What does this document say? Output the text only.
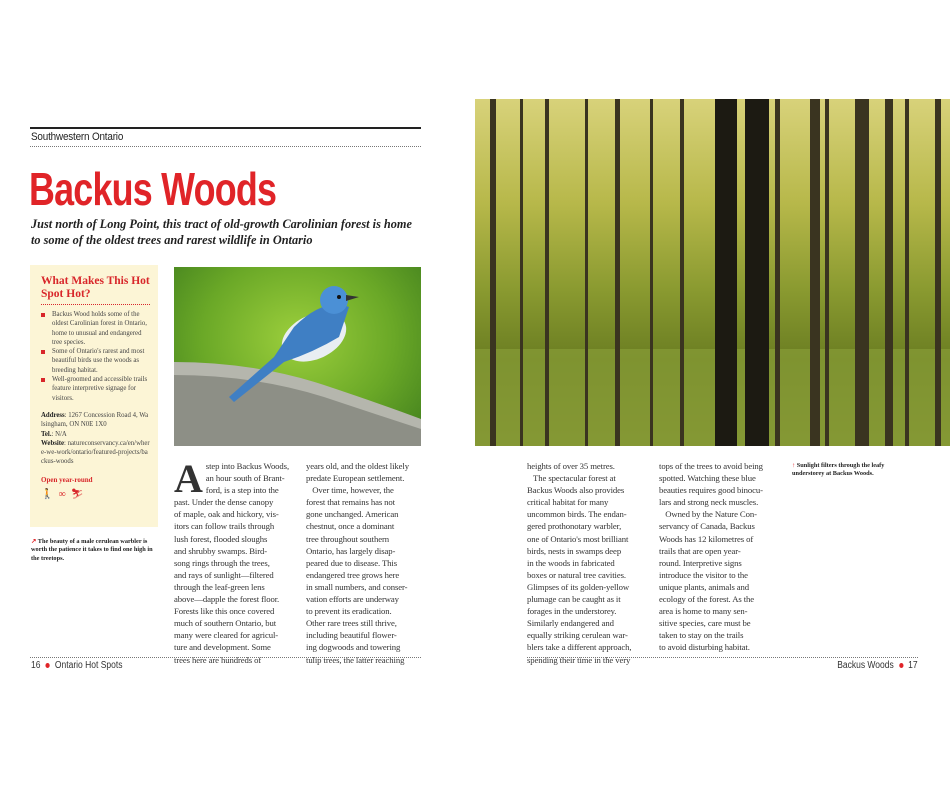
Southwestern Ontario
Backus Woods
Just north of Long Point, this tract of old-growth Carolinian forest is home to some of the oldest trees and rarest wildlife in Ontario
What Makes This Hot Spot Hot?
Backus Wood holds some of the oldest Carolinian forest in Ontario, home to unusual and endangered tree species.
Some of Ontario's rarest and most beautiful birds use the woods as breeding habitat.
Well-groomed and accessible trails feature interpretive signage for visitors.
Address: 1267 Concession Road 4, Walsingham, ON N0E 1X0
Tel.: N/A
Website: natureconservancy.ca/en/where-we-work/ontario/featured-projects/backus-woods
Open year-round
🚶 ∞ ⛷
↗ The beauty of a male cerulean warbler is worth the patience it takes to find one high in the treetops.
A step into Backus Woods,
an hour south of Brant-
ford, is a step into the
past. Under the dense canopy
of maple, oak and hickory, vis-
itors can follow trails through
lush forest, flooded sloughs
and shrubby swamps. Bird-
song rings through the trees,
and rays of sunlight—filtered
through the leaf-green lens
above—dapple the forest floor.
Forests like this once covered
much of southern Ontario, but
many were cleared for agricul-
ture and development. Some
trees here are hundreds of
years old, and the oldest likely
predate European settlement.
Over time, however, the
forest that remains has not
gone unchanged. American
chestnut, once a dominant
tree throughout southern
Ontario, has largely disap-
peared due to disease. This
endangered tree grows here
in small numbers, and conser-
vation efforts are underway
to prevent its eradication.
Other rare trees still thrive,
including beautiful flower-
ing dogwoods and towering
tulip trees, the latter reaching
16 Ontario Hot Spots
heights of over 35 metres.
The spectacular forest at
Backus Woods also provides
critical habitat for many
uncommon birds. The endan-
gered prothonotary warbler,
one of Ontario's most brilliant
birds, nests in swamps deep
in the woods in fabricated
boxes or natural tree cavities.
Glimpses of its golden-yellow
plumage can be caught as it
forages in the understorey.
Similarly endangered and
equally striking cerulean war-
blers take a different approach,
spending their time in the very
tops of the trees to avoid being
spotted. Watching these blue
beauties requires good binocu-
lars and strong neck muscles.
Owned by the Nature Con-
servancy of Canada, Backus
Woods has 12 kilometres of
trails that are open year-
round. Interpretive signs
introduce the visitor to the
unique plants, animals and
ecology of the forest. As the
area is home to many sen-
sitive species, care must be
taken to stay on the trails
to avoid disturbing habitat.
↑ Sunlight filters through the leafy understorey at Backus Woods.
Backus Woods 17
